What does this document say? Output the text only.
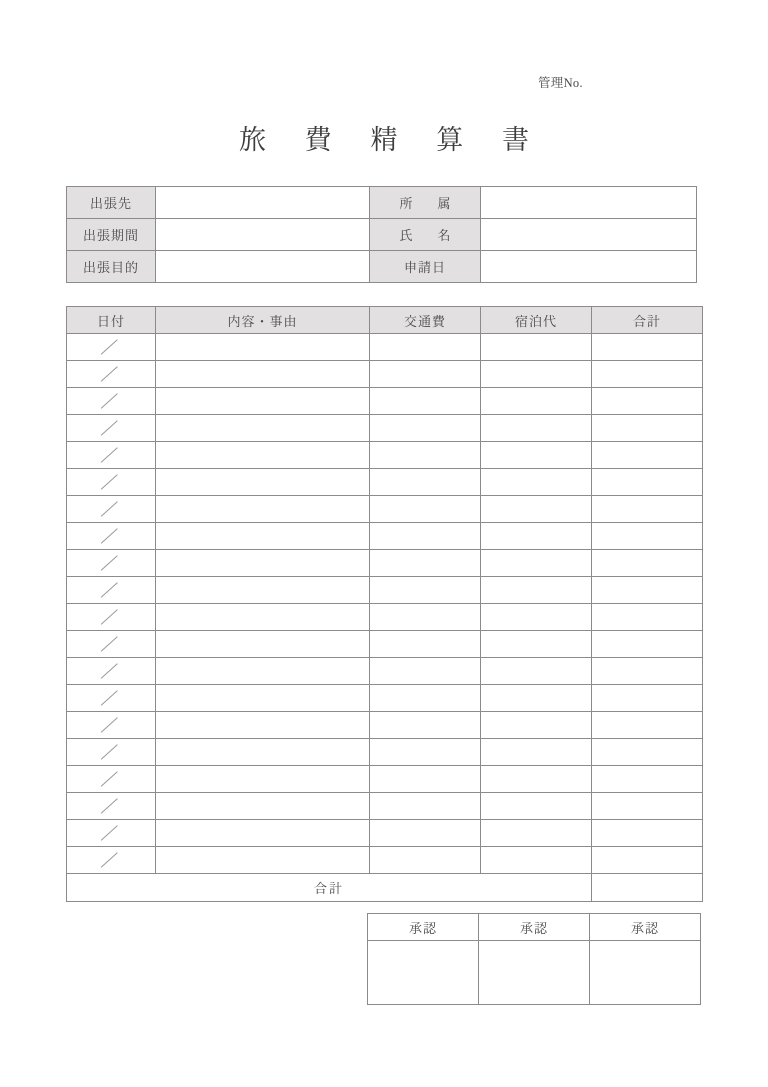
管理No.
旅 費 精 算 書
出張先		所　属	
出張期間		氏　名	
出張目的		申請日	
日付	内容・事由	交通費	宿泊代	合計

合計				
承認	承認	承認
